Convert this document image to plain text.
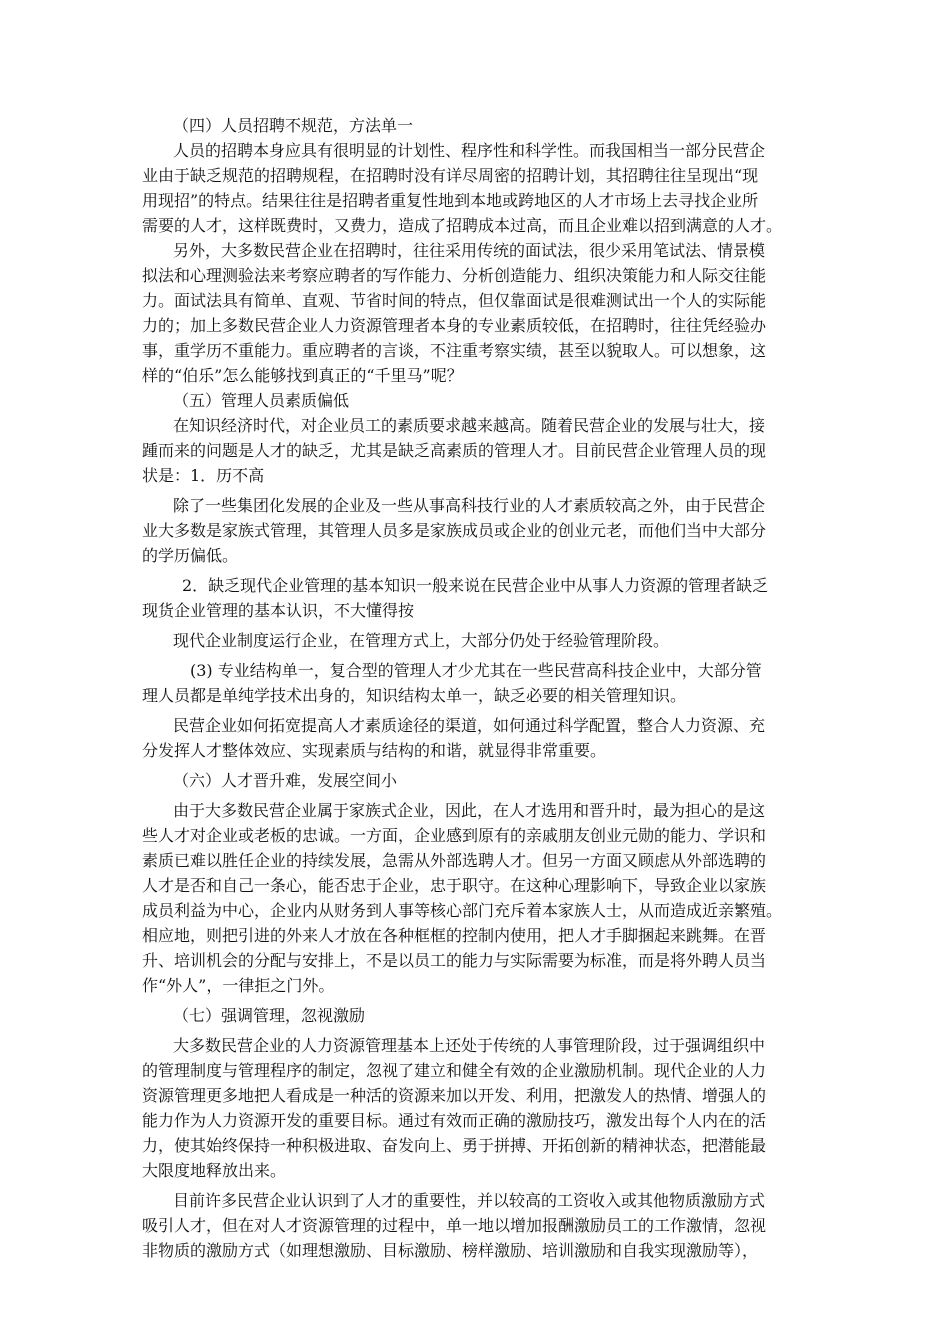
（四）人员招聘不规范，方法单一
人员的招聘本身应具有很明显的计划性、程序性和科学性。而我国相当一部分民营企
业由于缺乏规范的招聘规程，在招聘时没有详尽周密的招聘计划，其招聘往往呈现出“现
用现招”的特点。结果往往是招聘者重复性地到本地或跨地区的人才市场上去寻找企业所
需要的人才，这样既费时，又费力，造成了招聘成本过高，而且企业难以招到满意的人才。
另外，大多数民营企业在招聘时，往往采用传统的面试法，很少采用笔试法、情景模
拟法和心理测验法来考察应聘者的写作能力、分析创造能力、组织决策能力和人际交往能
力。面试法具有简单、直观、节省时间的特点，但仅靠面试是很难测试出一个人的实际能
力的；加上多数民营企业人力资源管理者本身的专业素质较低，在招聘时，往往凭经验办
事，重学历不重能力。重应聘者的言谈，不注重考察实绩，甚至以貌取人。可以想象，这
样的“伯乐”怎么能够找到真正的“千里马”呢？
（五）管理人员素质偏低
在知识经济时代，对企业员工的素质要求越来越高。随着民营企业的发展与壮大，接
踵而来的问题是人才的缺乏，尤其是缺乏高素质的管理人才。目前民营企业管理人员的现
状是：1．历不高
除了一些集团化发展的企业及一些从事高科技行业的人才素质较高之外，由于民营企
业大多数是家族式管理，其管理人员多是家族成员或企业的创业元老，而他们当中大部分
的学历偏低。
2．缺乏现代企业管理的基本知识一般来说在民营企业中从事人力资源的管理者缺乏
现货企业管理的基本认识，不大懂得按
现代企业制度运行企业，在管理方式上，大部分仍处于经验管理阶段。
(3) 专业结构单一，复合型的管理人才少尤其在一些民营高科技企业中，大部分管
理人员都是单纯学技术出身的，知识结构太单一，缺乏必要的相关管理知识。
民营企业如何拓宽提高人才素质途径的渠道，如何通过科学配置，整合人力资源、充
分发挥人才整体效应、实现素质与结构的和谐，就显得非常重要。
（六）人才晋升难，发展空间小
由于大多数民营企业属于家族式企业，因此，在人才选用和晋升时，最为担心的是这
些人才对企业或老板的忠诚。一方面，企业感到原有的亲戚朋友创业元勋的能力、学识和
素质已难以胜任企业的持续发展，急需从外部选聘人才。但另一方面又顾虑从外部选聘的
人才是否和自己一条心，能否忠于企业，忠于职守。在这种心理影响下，导致企业以家族
成员利益为中心，企业内从财务到人事等核心部门充斥着本家族人士，从而造成近亲繁殖。
相应地，则把引进的外来人才放在各种框框的控制内使用，把人才手脚捆起来跳舞。在晋
升、培训机会的分配与安排上，不是以员工的能力与实际需要为标准，而是将外聘人员当
作“外人”，一律拒之门外。
（七）强调管理，忽视激励
大多数民营企业的人力资源管理基本上还处于传统的人事管理阶段，过于强调组织中
的管理制度与管理程序的制定，忽视了建立和健全有效的企业激励机制。现代企业的人力
资源管理更多地把人看成是一种活的资源来加以开发、利用，把激发人的热情、增强人的
能力作为人力资源开发的重要目标。通过有效而正确的激励技巧，激发出每个人内在的活
力，使其始终保持一种积极进取、奋发向上、勇于拼搏、开拓创新的精神状态，把潜能最
大限度地释放出来。
目前许多民营企业认识到了人才的重要性，并以较高的工资收入或其他物质激励方式
吸引人才，但在对人才资源管理的过程中，单一地以增加报酬激励员工的工作激情，忽视
非物质的激励方式（如理想激励、目标激励、榜样激励、培训激励和自我实现激励等），
